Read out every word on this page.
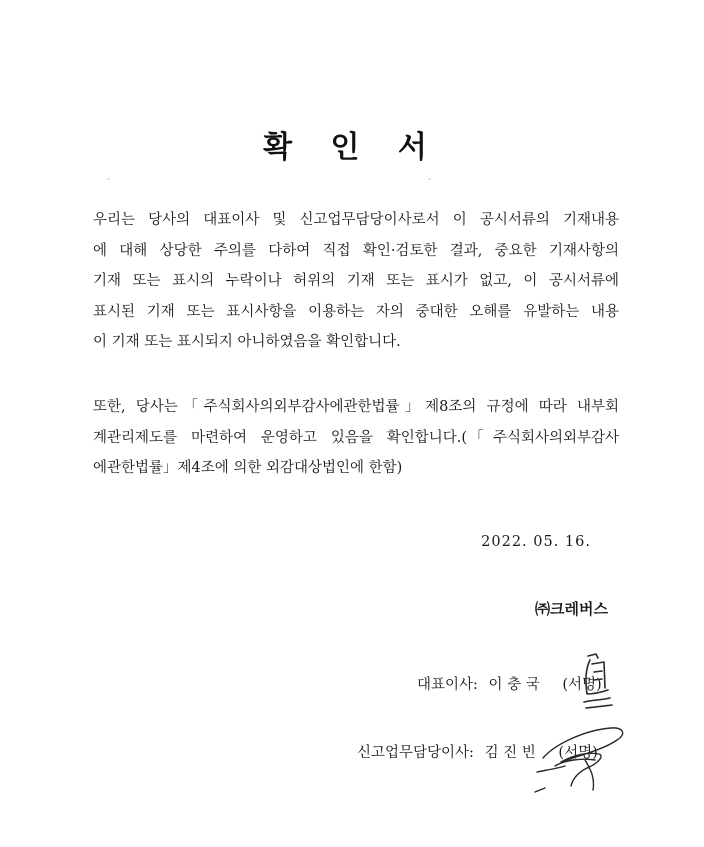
확 인 서
우리는 당사의 대표이사 및 신고업무담당이사로서 이 공시서류의 기재내용
에 대해 상당한 주의를 다하여 직접 확인·검토한 결과, 중요한 기재사항의
기재 또는 표시의 누락이나 허위의 기재 또는 표시가 없고, 이 공시서류에
표시된 기재 또는 표시사항을 이용하는 자의 중대한 오해를 유발하는 내용
이 기재 또는 표시되지 아니하였음을 확인합니다.
또한, 당사는「주식회사의외부감사에관한법률」제8조의 규정에 따라 내부회
계관리제도를 마련하여 운영하고 있음을 확인합니다.(「주식회사의외부감사
에관한법률」제4조에 의한 외감대상법인에 한함)
2022. 05. 16.
㈜크레버스
대표이사: 이 충 국 (서명)
신고업무담당이사: 김 진 빈 (서명)
